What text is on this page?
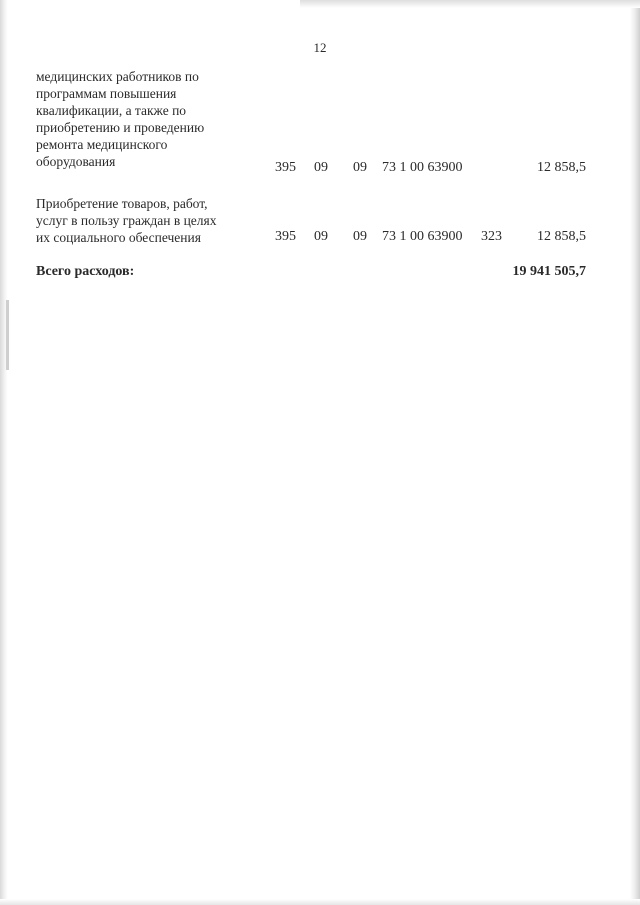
12
медицинских работников по
программам повышения
квалификации, а также по
приобретению и проведению
ремонта медицинского
оборудования	395 09 09 73 1 00 63900	12 858,5
Приобретение товаров, работ,
услуг в пользу граждан в целях
их социального обеспечения	395 09 09 73 1 00 63900 323	12 858,5
Всего расходов:	19 941 505,7
